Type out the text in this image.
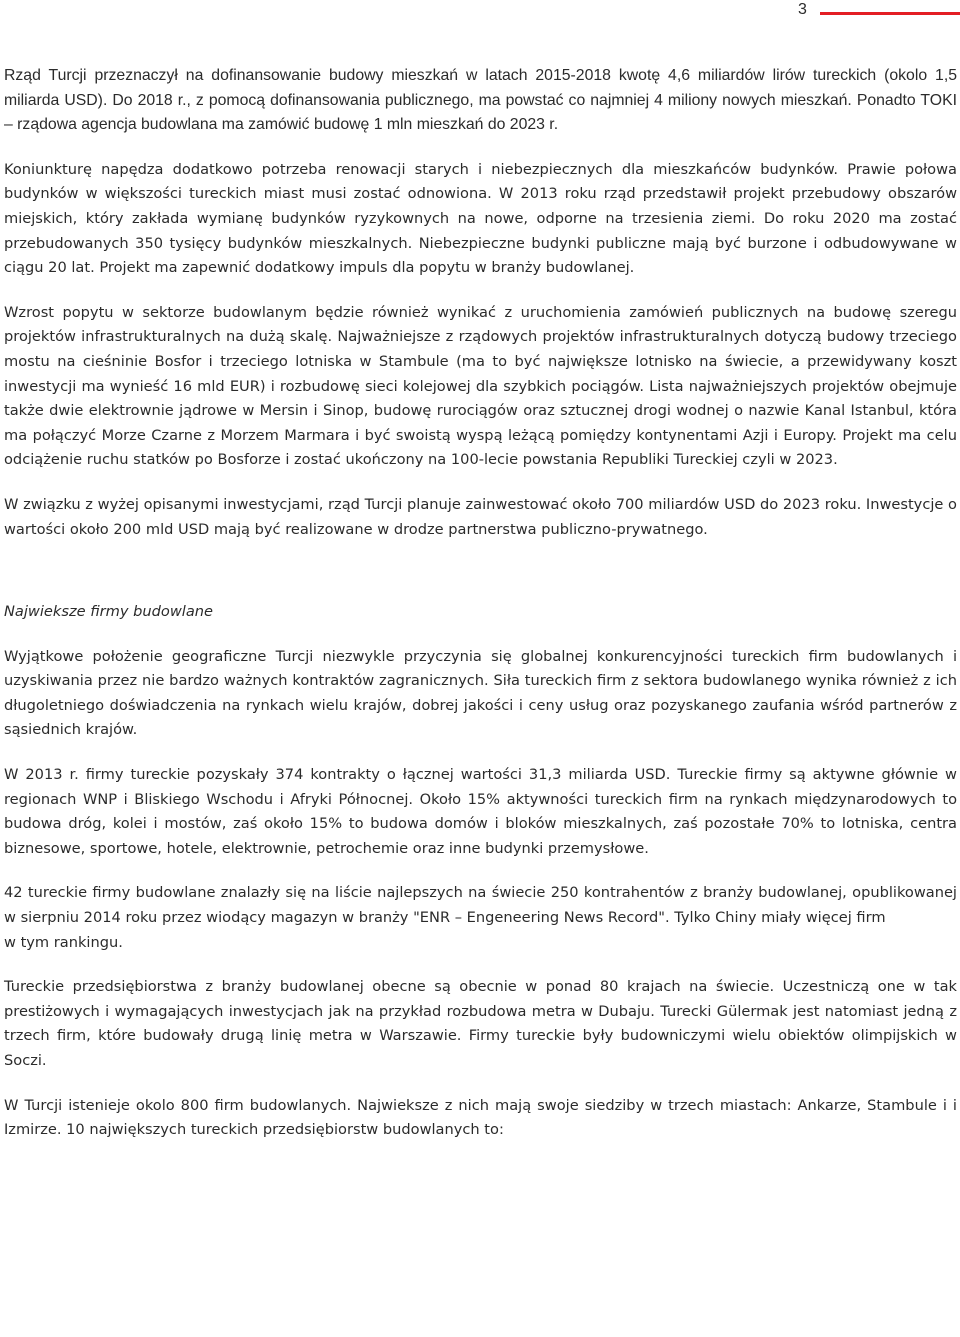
3

Rząd Turcji przeznaczył na dofinansowanie budowy mieszkań w latach 2015-2018 kwotę 4,6 miliardów lirów tureckich (okolo 1,5 miliarda USD). Do 2018 r., z pomocą dofinansowania publicznego, ma powstać co najmniej 4 miliony nowych mieszkań. Ponadto TOKI – rządowa agencja budowlana ma zamówić budowę 1 mln mieszkań do 2023 r.

Koniunkturę napędza dodatkowo potrzeba renowacji starych i niebezpiecznych dla mieszkańców budynków. Prawie połowa budynków w większości tureckich miast musi zostać odnowiona. W 2013 roku rząd przedstawił projekt przebudowy obszarów miejskich, który zakłada wymianę budynków ryzykownych na nowe, odporne na trzesienia ziemi. Do roku 2020 ma zostać przebudowanych 350 tysięcy budynków mieszkalnych. Niebezpieczne budynki publiczne mają być burzone i odbudowywane w ciągu 20 lat. Projekt ma zapewnić dodatkowy impuls dla popytu w branży budowlanej.

Wzrost popytu w sektorze budowlanym będzie również wynikać z uruchomienia zamówień publicznych na budowę szeregu projektów infrastrukturalnych na dużą skalę. Najważniejsze z rządowych projektów infrastrukturalnych dotyczą budowy trzeciego mostu na cieśninie Bosfor i trzeciego lotniska w Stambule (ma to być największe lotnisko na świecie, a przewidywany koszt inwestycji ma wynieść 16 mld EUR) i rozbudowę sieci kolejowej dla szybkich pociągów. Lista najważniejszych projektów obejmuje także dwie elektrownie jądrowe w Mersin i Sinop, budowę rurociągów oraz sztucznej drogi wodnej o nazwie Kanal Istanbul, która ma połączyć Morze Czarne z Morzem Marmara i być swoistą wyspą leżącą pomiędzy kontynentami Azji i Europy. Projekt ma celu odciążenie ruchu statków po Bosforze i zostać ukończony na 100-lecie powstania Republiki Tureckiej czyli w 2023.

W związku z wyżej opisanymi inwestycjami, rząd Turcji planuje zainwestować około 700 miliardów USD do 2023 roku. Inwestycje o wartości około 200 mld USD mają być realizowane w drodze partnerstwa publiczno-prywatnego.

Najwieksze firmy budowlane

Wyjątkowe położenie geograficzne Turcji niezwykle przyczynia się globalnej konkurencyjności tureckich firm budowlanych i uzyskiwania przez nie bardzo ważnych kontraktów zagranicznych. Siła tureckich firm z sektora budowlanego wynika również z ich długoletniego doświadczenia na rynkach wielu krajów, dobrej jakości i ceny usług oraz pozyskanego zaufania wśród partnerów z sąsiednich krajów.

W 2013 r. firmy tureckie pozyskały 374 kontrakty o łącznej wartości 31,3 miliarda USD. Tureckie firmy są aktywne głównie w regionach WNP i Bliskiego Wschodu i Afryki Północnej. Około 15% aktywności tureckich firm na rynkach międzynarodowych to budowa dróg, kolei i mostów, zaś około 15% to budowa domów i bloków mieszkalnych, zaś pozostałe 70% to lotniska, centra biznesowe, sportowe, hotele, elektrownie, petrochemie oraz inne budynki przemysłowe.

42 tureckie firmy budowlane znalazły się na liście najlepszych na świecie 250 kontrahentów z branży budowlanej, opublikowanej w sierpniu 2014 roku przez wiodący magazyn w branży "ENR – Engeneering News Record". Tylko Chiny miały więcej firm
w tym rankingu.

Tureckie przedsiębiorstwa z branży budowlanej obecne są obecnie w ponad 80 krajach na świecie. Uczestniczą one w tak prestiżowych i wymagających inwestycjach jak na przykład rozbudowa metra w Dubaju. Turecki Gülermak jest natomiast jedną z trzech firm, które budowały drugą linię metra w Warszawie. Firmy tureckie były budowniczymi wielu obiektów olimpijskich w Soczi.

W Turcji istenieje okolo 800 firm budowlanych. Najwieksze z nich mają swoje siedziby w trzech miastach: Ankarze, Stambule i i Izmirze. 10 największych tureckich przedsiębiorstw budowlanych to:
